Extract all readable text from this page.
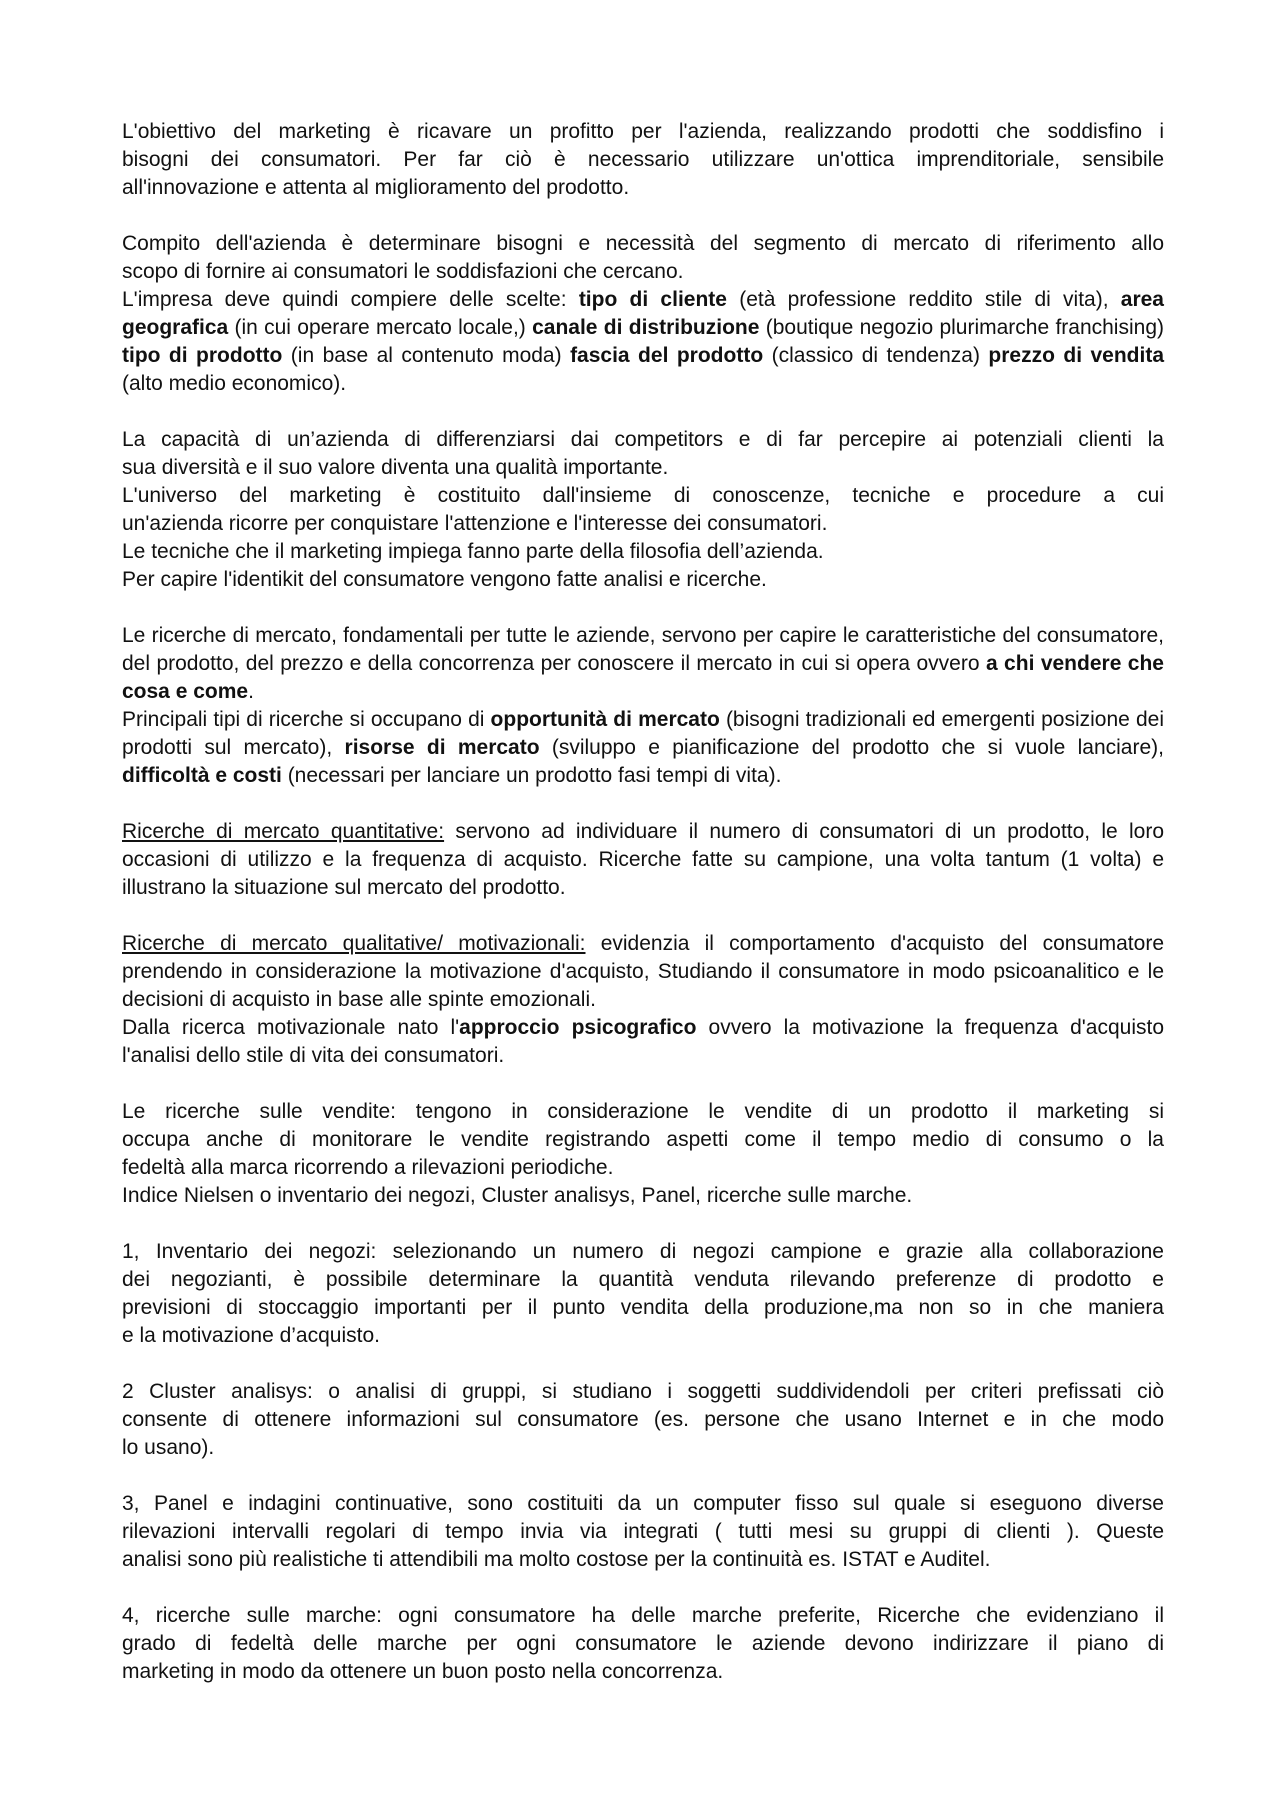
L'obiettivo del marketing è ricavare un profitto per l'azienda, realizzando prodotti che soddisfino i
bisogni dei consumatori. Per far ciò è necessario utilizzare un'ottica imprenditoriale, sensibile
all'innovazione e attenta al miglioramento del prodotto.

Compito dell'azienda è determinare bisogni e necessità del segmento di mercato di riferimento allo
scopo di fornire ai consumatori le soddisfazioni che cercano.

L'impresa deve quindi compiere delle scelte: tipo di cliente (età professione reddito stile di vita), area geografica (in cui operare mercato locale,) canale di distribuzione (boutique negozio plurimarche franchising) tipo di prodotto (in base al contenuto moda) fascia del prodotto (classico di tendenza) prezzo di vendita (alto medio economico).

La capacità di un’azienda di differenziarsi dai competitors e di far percepire ai potenziali clienti la
sua diversità e il suo valore diventa una qualità importante.

L'universo del marketing è costituito dall'insieme di conoscenze, tecniche e procedure a cui
un'azienda ricorre per conquistare l'attenzione e l'interesse dei consumatori.

Le tecniche che il marketing impiega fanno parte della filosofia dell’azienda.

Per capire l'identikit del consumatore vengono fatte analisi e ricerche.

Le ricerche di mercato, fondamentali per tutte le aziende, servono per capire le caratteristiche del consumatore, del prodotto, del prezzo e della concorrenza per conoscere il mercato in cui si opera ovvero a chi vendere che cosa e come.

Principali tipi di ricerche si occupano di opportunità di mercato (bisogni tradizionali ed emergenti posizione dei prodotti sul mercato), risorse di mercato (sviluppo e pianificazione del prodotto che si vuole lanciare), difficoltà e costi (necessari per lanciare un prodotto fasi tempi di vita).

Ricerche di mercato quantitative: servono ad individuare il numero di consumatori di un prodotto, le loro occasioni di utilizzo e la frequenza di acquisto. Ricerche fatte su campione, una volta tantum (1 volta) e illustrano la situazione sul mercato del prodotto.

Ricerche di mercato qualitative/ motivazionali: evidenzia il comportamento d'acquisto del consumatore prendendo in considerazione la motivazione d'acquisto, Studiando il consumatore in modo psicoanalitico e le decisioni di acquisto in base alle spinte emozionali.

Dalla ricerca motivazionale nato l'approccio psicografico ovvero la motivazione la frequenza d'acquisto l'analisi dello stile di vita dei consumatori.

Le ricerche sulle vendite: tengono in considerazione le vendite di un prodotto il marketing si
occupa anche di monitorare le vendite registrando aspetti come il tempo medio di consumo o la
fedeltà alla marca ricorrendo a rilevazioni periodiche.

Indice Nielsen o inventario dei negozi, Cluster analisys, Panel, ricerche sulle marche.

1, Inventario dei negozi: selezionando un numero di negozi campione e grazie alla collaborazione
dei negozianti, è possibile determinare la quantità venduta rilevando preferenze di prodotto e
previsioni di stoccaggio importanti per il punto vendita della produzione,ma non so in che maniera
e la motivazione d’acquisto.

2 Cluster analisys: o analisi di gruppi, si studiano i soggetti suddividendoli per criteri prefissati ciò
consente di ottenere informazioni sul consumatore (es. persone che usano Internet e in che modo
lo usano).

3, Panel e indagini continuative, sono costituiti da un computer fisso sul quale si eseguono diverse
rilevazioni intervalli regolari di tempo invia via integrati ( tutti mesi su gruppi di clienti ). Queste
analisi sono più realistiche ti attendibili ma molto costose per la continuità es. ISTAT e Auditel.

4, ricerche sulle marche: ogni consumatore ha delle marche preferite, Ricerche che evidenziano il
grado di fedeltà delle marche per ogni consumatore le aziende devono indirizzare il piano di
marketing in modo da ottenere un buon posto nella concorrenza.
